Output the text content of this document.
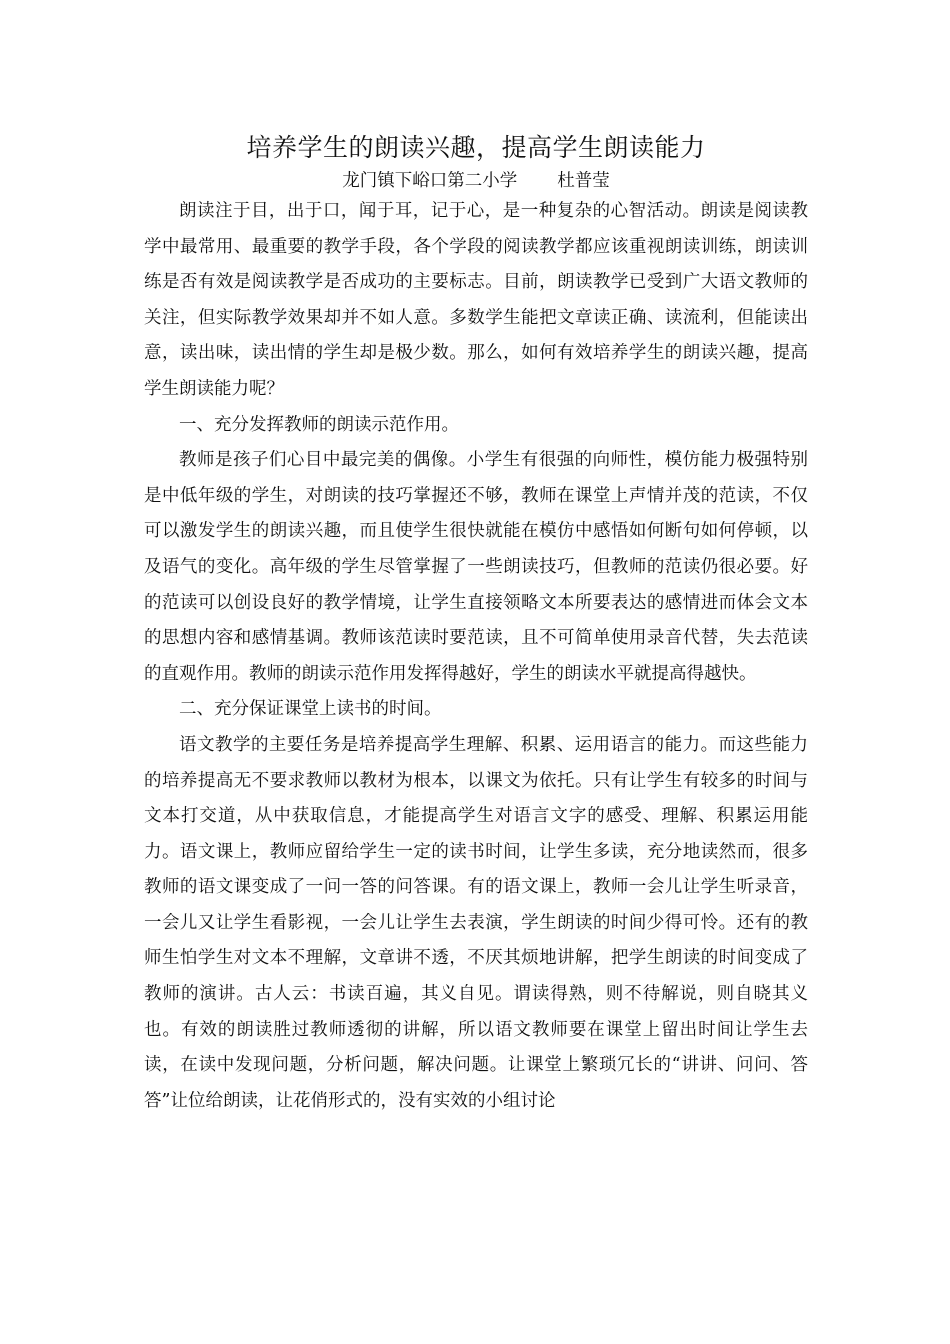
培养学生的朗读兴趣，提高学生朗读能力

龙门镇下峪口第二小学 杜普莹

朗读注于目，出于口，闻于耳，记于心，是一种复杂的心智活动。朗读是阅读教学中最常用、最重要的教学手段，各个学段的阅读教学都应该重视朗读训练，朗读训练是否有效是阅读教学是否成功的主要标志。目前，朗读教学已受到广大语文教师的关注，但实际教学效果却并不如人意。多数学生能把文章读正确、读流利，但能读出意，读出味，读出情的学生却是极少数。那么，如何有效培养学生的朗读兴趣，提高学生朗读能力呢？

一、充分发挥教师的朗读示范作用。

教师是孩子们心目中最完美的偶像。小学生有很强的向师性，模仿能力极强特别是中低年级的学生，对朗读的技巧掌握还不够，教师在课堂上声情并茂的范读，不仅可以激发学生的朗读兴趣，而且使学生很快就能在模仿中感悟如何断句如何停顿，以及语气的变化。高年级的学生尽管掌握了一些朗读技巧，但教师的范读仍很必要。好的范读可以创设良好的教学情境，让学生直接领略文本所要表达的感情进而体会文本的思想内容和感情基调。教师该范读时要范读，且不可简单使用录音代替，失去范读的直观作用。教师的朗读示范作用发挥得越好，学生的朗读水平就提高得越快。

二、充分保证课堂上读书的时间。

语文教学的主要任务是培养提高学生理解、积累、运用语言的能力。而这些能力的培养提高无不要求教师以教材为根本，以课文为依托。只有让学生有较多的时间与文本打交道，从中获取信息，才能提高学生对语言文字的感受、理解、积累运用能力。语文课上，教师应留给学生一定的读书时间，让学生多读，充分地读然而，很多教师的语文课变成了一问一答的问答课。有的语文课上，教师一会儿让学生听录音，一会儿又让学生看影视，一会儿让学生去表演，学生朗读的时间少得可怜。还有的教师生怕学生对文本不理解，文章讲不透，不厌其烦地讲解，把学生朗读的时间变成了教师的演讲。古人云：书读百遍，其义自见。谓读得熟，则不待解说，则自晓其义也。有效的朗读胜过教师透彻的讲解，所以语文教师要在课堂上留出时间让学生去读，在读中发现问题，分析问题，解决问题。让课堂上繁琐冗长的“讲讲、问问、答答”让位给朗读，让花俏形式的，没有实效的小组讨论
